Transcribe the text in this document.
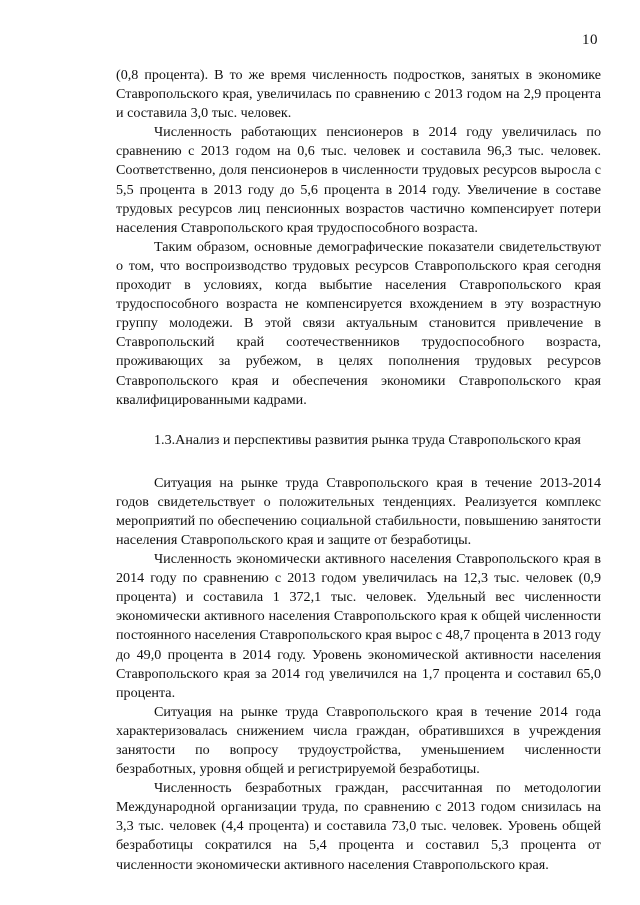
10

(0,8 процента). В то же время численность подростков, занятых в экономике Ставропольского края, увеличилась по сравнению с 2013 годом на 2,9 процента и составила 3,0 тыс. человек.

Численность работающих пенсионеров в 2014 году увеличилась по сравнению с 2013 годом на 0,6 тыс. человек и составила 96,3 тыс. человек. Соответственно, доля пенсионеров в численности трудовых ресурсов выросла с 5,5 процента в 2013 году до 5,6 процента в 2014 году. Увеличение в составе трудовых ресурсов лиц пенсионных возрастов частично компенсирует потери населения Ставропольского края трудоспособного возраста.

Таким образом, основные демографические показатели свидетельствуют о том, что воспроизводство трудовых ресурсов Ставропольского края сегодня проходит в условиях, когда выбытие населения Ставропольского края трудоспособного возраста не компенсируется вхождением в эту возрастную группу молодежи. В этой связи актуальным становится привлечение в Ставропольский край соотечественников трудоспособного возраста, проживающих за рубежом, в целях пополнения трудовых ресурсов Ставропольского края и обеспечения экономики Ставропольского края квалифицированными кадрами.

1.3.Анализ и перспективы развития рынка труда Ставропольского края

Ситуация на рынке труда Ставропольского края в течение 2013-2014 годов свидетельствует о положительных тенденциях. Реализуется комплекс мероприятий по обеспечению социальной стабильности, повышению занятости населения Ставропольского края и защите от безработицы.

Численность экономически активного населения Ставропольского края в 2014 году по сравнению с 2013 годом увеличилась на 12,3 тыс. человек (0,9 процента) и составила 1 372,1 тыс. человек. Удельный вес численности экономически активного населения Ставропольского края к общей численности постоянного населения Ставропольского края вырос с 48,7 процента в 2013 году до 49,0 процента в 2014 году. Уровень экономической активности населения Ставропольского края за 2014 год увеличился на 1,7 процента и составил 65,0 процента.

Ситуация на рынке труда Ставропольского края в течение 2014 года характеризовалась снижением числа граждан, обратившихся в учреждения занятости по вопросу трудоустройства, уменьшением численности безработных, уровня общей и регистрируемой безработицы.

Численность безработных граждан, рассчитанная по методологии Международной организации труда, по сравнению с 2013 годом снизилась на 3,3 тыс. человек (4,4 процента) и составила 73,0 тыс. человек. Уровень общей безработицы сократился на 5,4 процента и составил 5,3 процента от численности экономически активного населения Ставропольского края.
